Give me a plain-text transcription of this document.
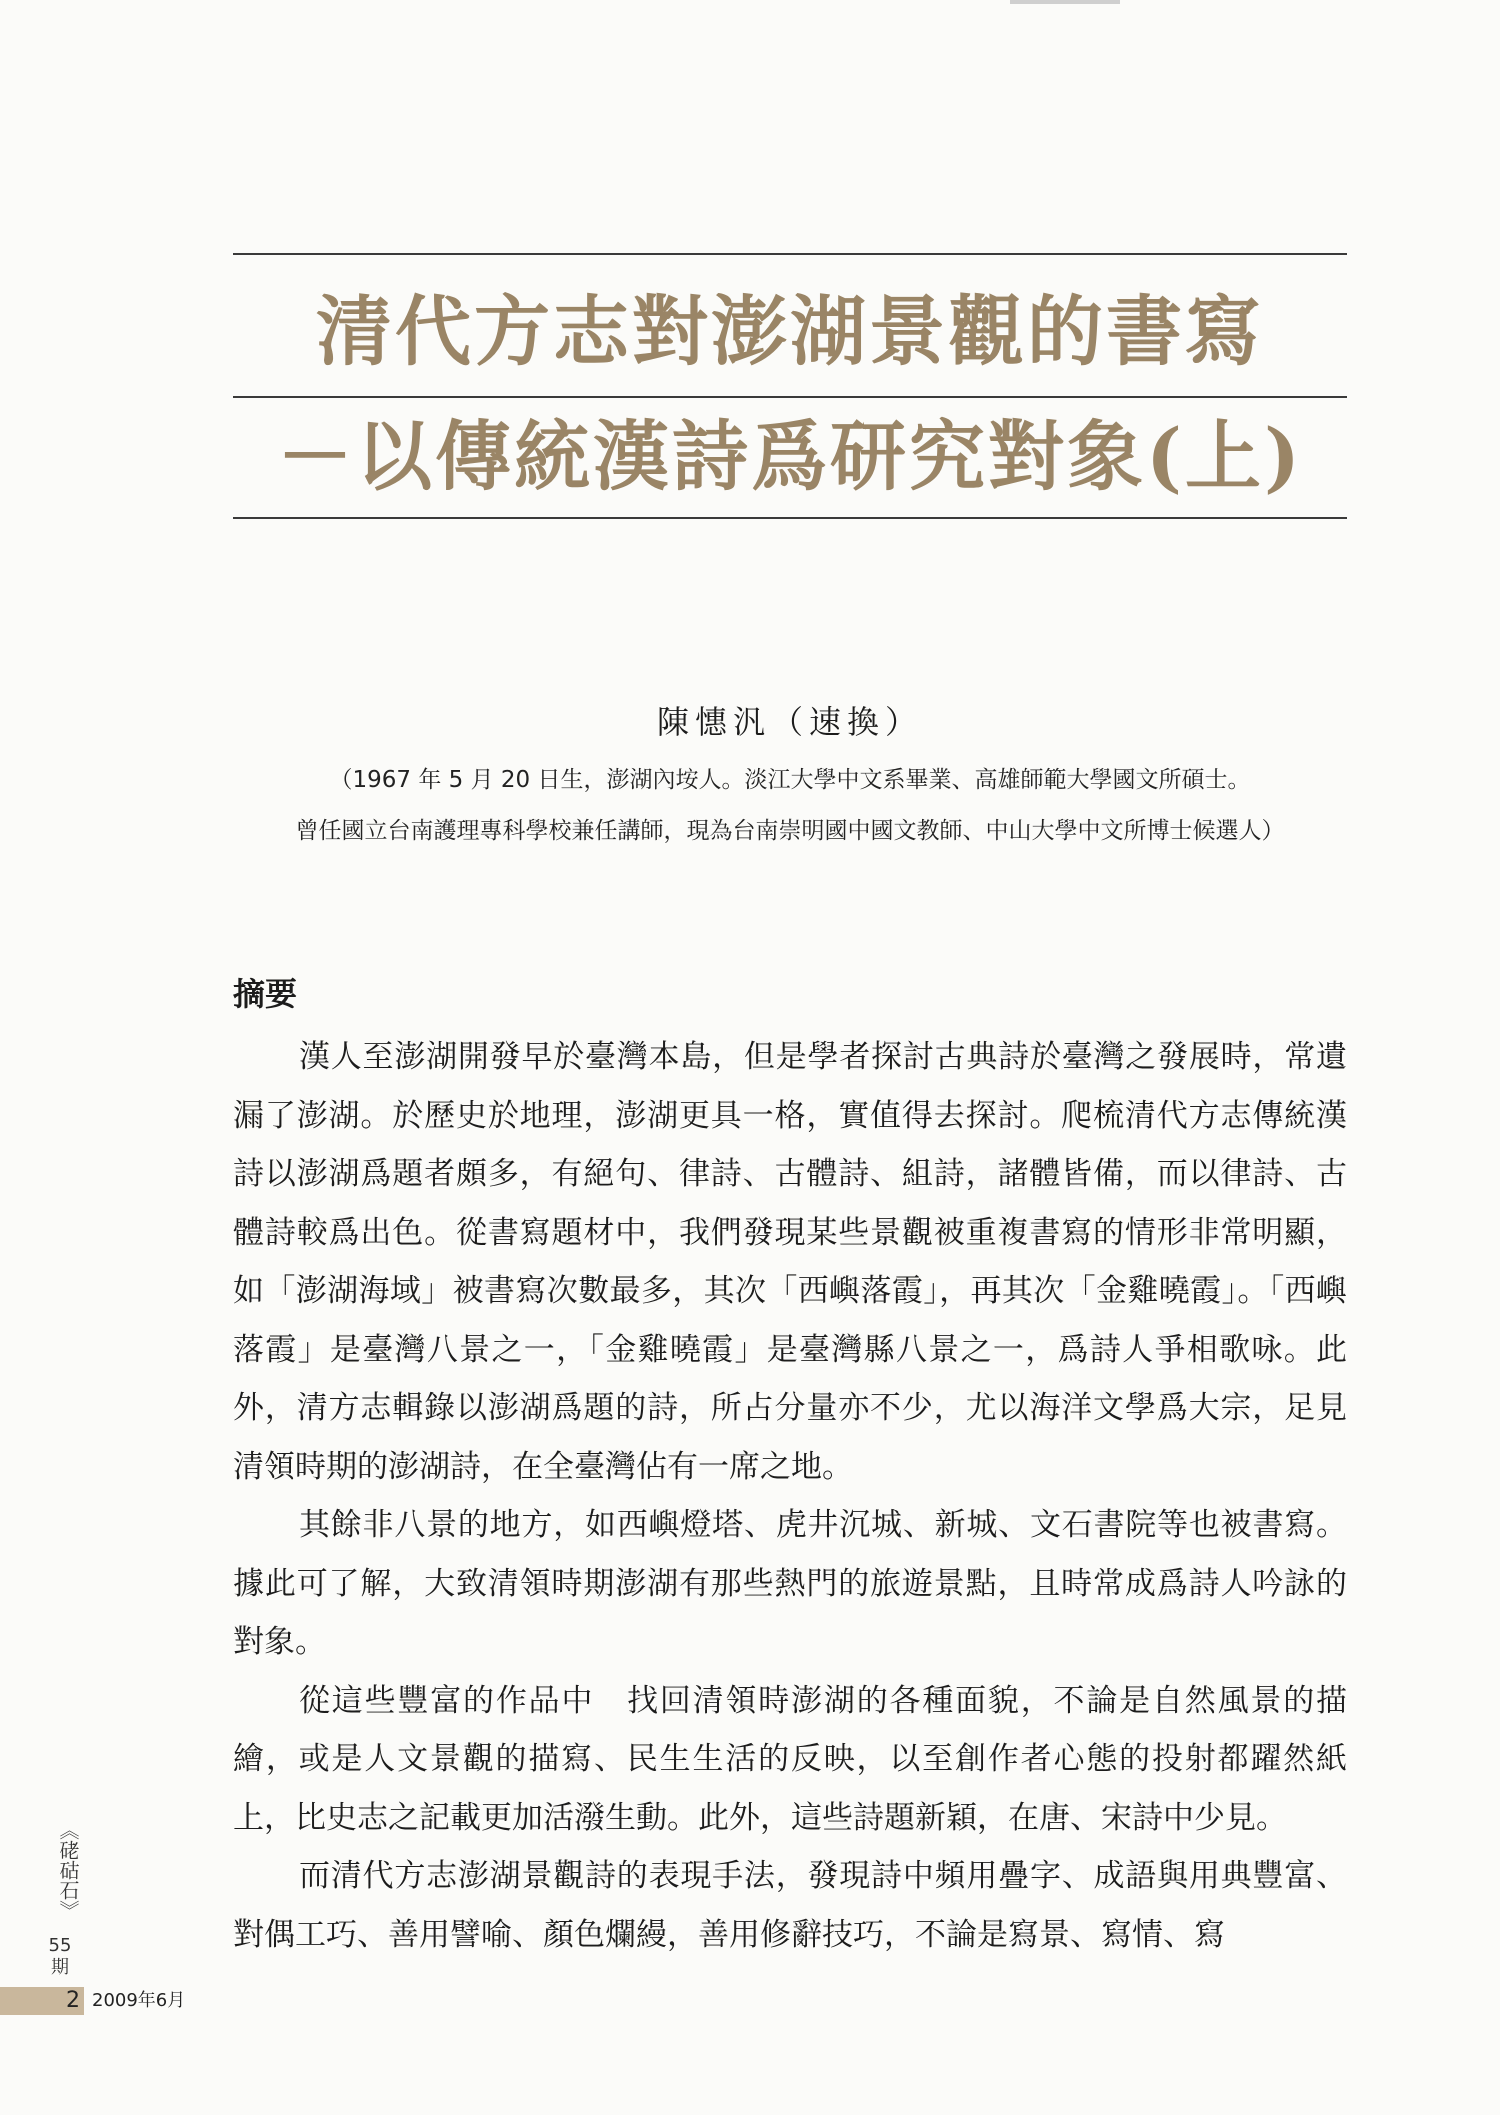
清代方志對澎湖景觀的書寫
－以傳統漢詩爲研究對象(上)
陳憓汎（速換）
（1967 年 5 月 20 日生，澎湖內垵人。淡江大學中文系畢業、高雄師範大學國文所碩士。
曾任國立台南護理專科學校兼任講師，現為台南崇明國中國文教師、中山大學中文所博士候選人）
摘要

漢人至澎湖開發早於臺灣本島，但是學者探討古典詩於臺灣之發展時，常遺漏了澎湖。於歷史於地理，澎湖更具一格，實值得去探討。爬梳清代方志傳統漢詩以澎湖爲題者頗多，有絕句、律詩、古體詩、組詩，諸體皆備，而以律詩、古體詩較爲出色。從書寫題材中，我們發現某些景觀被重複書寫的情形非常明顯，如「澎湖海域」被書寫次數最多，其次「西嶼落霞」，再其次「金雞曉霞」。「西嶼落霞」是臺灣八景之一，「金雞曉霞」是臺灣縣八景之一，爲詩人爭相歌咏。此外，清方志輯錄以澎湖爲題的詩，所占分量亦不少，尤以海洋文學爲大宗，足見清領時期的澎湖詩，在全臺灣佔有一席之地。

其餘非八景的地方，如西嶼燈塔、虎井沉城、新城、文石書院等也被書寫。據此可了解，大致清領時期澎湖有那些熱門的旅遊景點，且時常成爲詩人吟詠的對象。

從這些豐富的作品中　找回清領時澎湖的各種面貌，不論是自然風景的描繪，或是人文景觀的描寫、民生生活的反映，以至創作者心態的投射都躍然紙上，比史志之記載更加活潑生動。此外，這些詩題新穎，在唐、宋詩中少見。

而清代方志澎湖景觀詩的表現手法，發現詩中頻用疊字、成語與用典豐富、對偶工巧、善用譬喻、顏色爛縵，善用修辭技巧，不論是寫景、寫情、寫

《硓𥑮石》
55
期
2 2009年6月
